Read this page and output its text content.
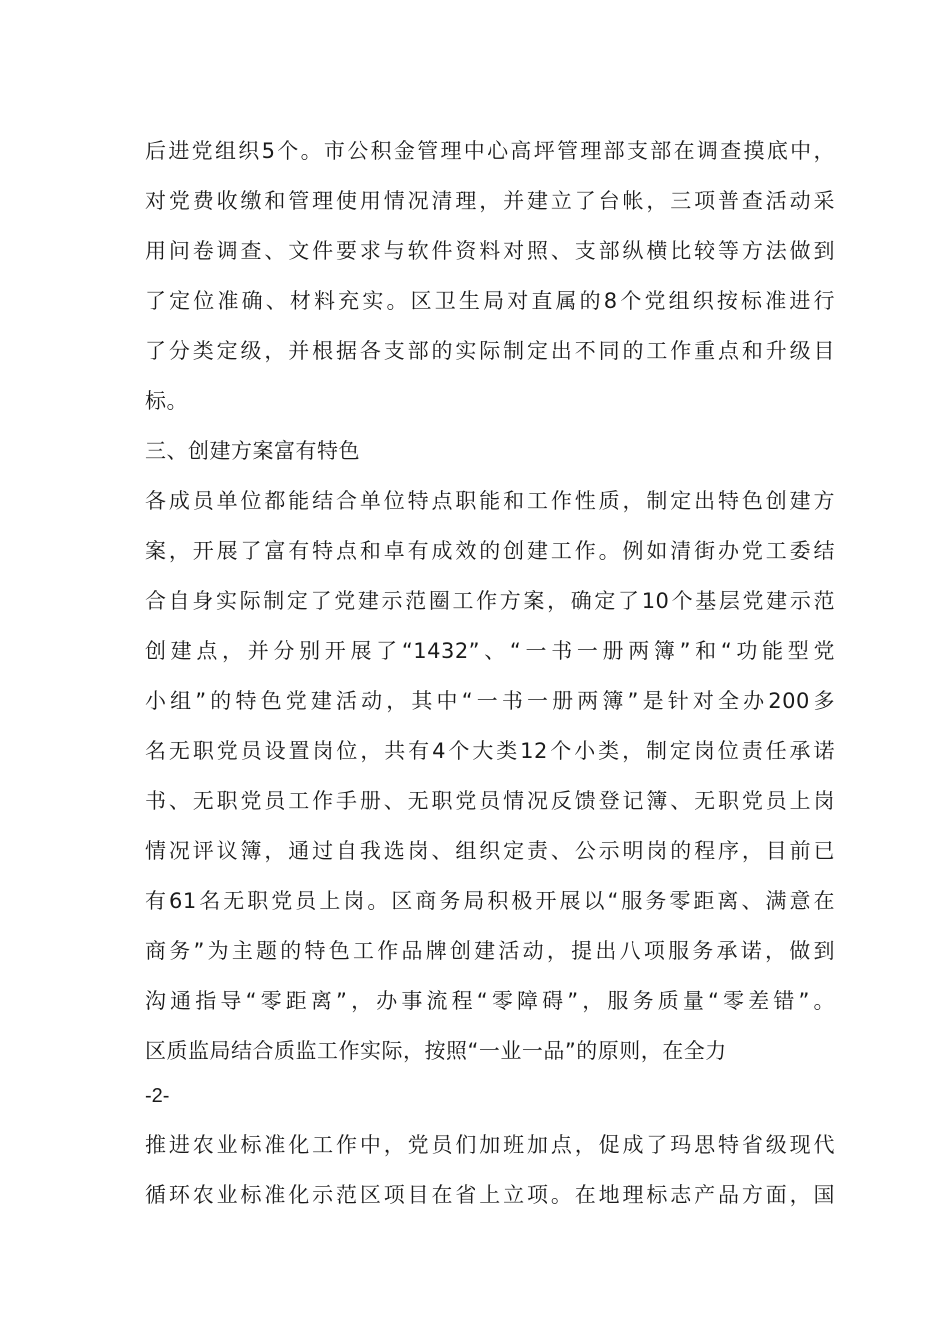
后进党组织5个。市公积金管理中心高坪管理部支部在调查摸底中，
对党费收缴和管理使用情况清理，并建立了台帐，三项普查活动采
用问卷调查、文件要求与软件资料对照、支部纵横比较等方法做到
了定位准确、材料充实。区卫生局对直属的8个党组织按标准进行
了分类定级，并根据各支部的实际制定出不同的工作重点和升级目
标。
三、创建方案富有特色
各成员单位都能结合单位特点职能和工作性质，制定出特色创建方
案，开展了富有特点和卓有成效的创建工作。例如清街办党工委结
合自身实际制定了党建示范圈工作方案，确定了10个基层党建示范
创建点，并分别开展了“1432”、“一书一册两簿”和“功能型党
小组”的特色党建活动，其中“一书一册两簿”是针对全办200多
名无职党员设置岗位，共有4个大类12个小类，制定岗位责任承诺
书、无职党员工作手册、无职党员情况反馈登记簿、无职党员上岗
情况评议簿，通过自我选岗、组织定责、公示明岗的程序，目前已
有61名无职党员上岗。区商务局积极开展以“服务零距离、满意在
商务”为主题的特色工作品牌创建活动，提出八项服务承诺，做到
沟通指导“零距离”，办事流程“零障碍”，服务质量“零差错”。
区质监局结合质监工作实际，按照“一业一品”的原则，在全力
-2-
推进农业标准化工作中，党员们加班加点，促成了玛思特省级现代
循环农业标准化示范区项目在省上立项。在地理标志产品方面，国
